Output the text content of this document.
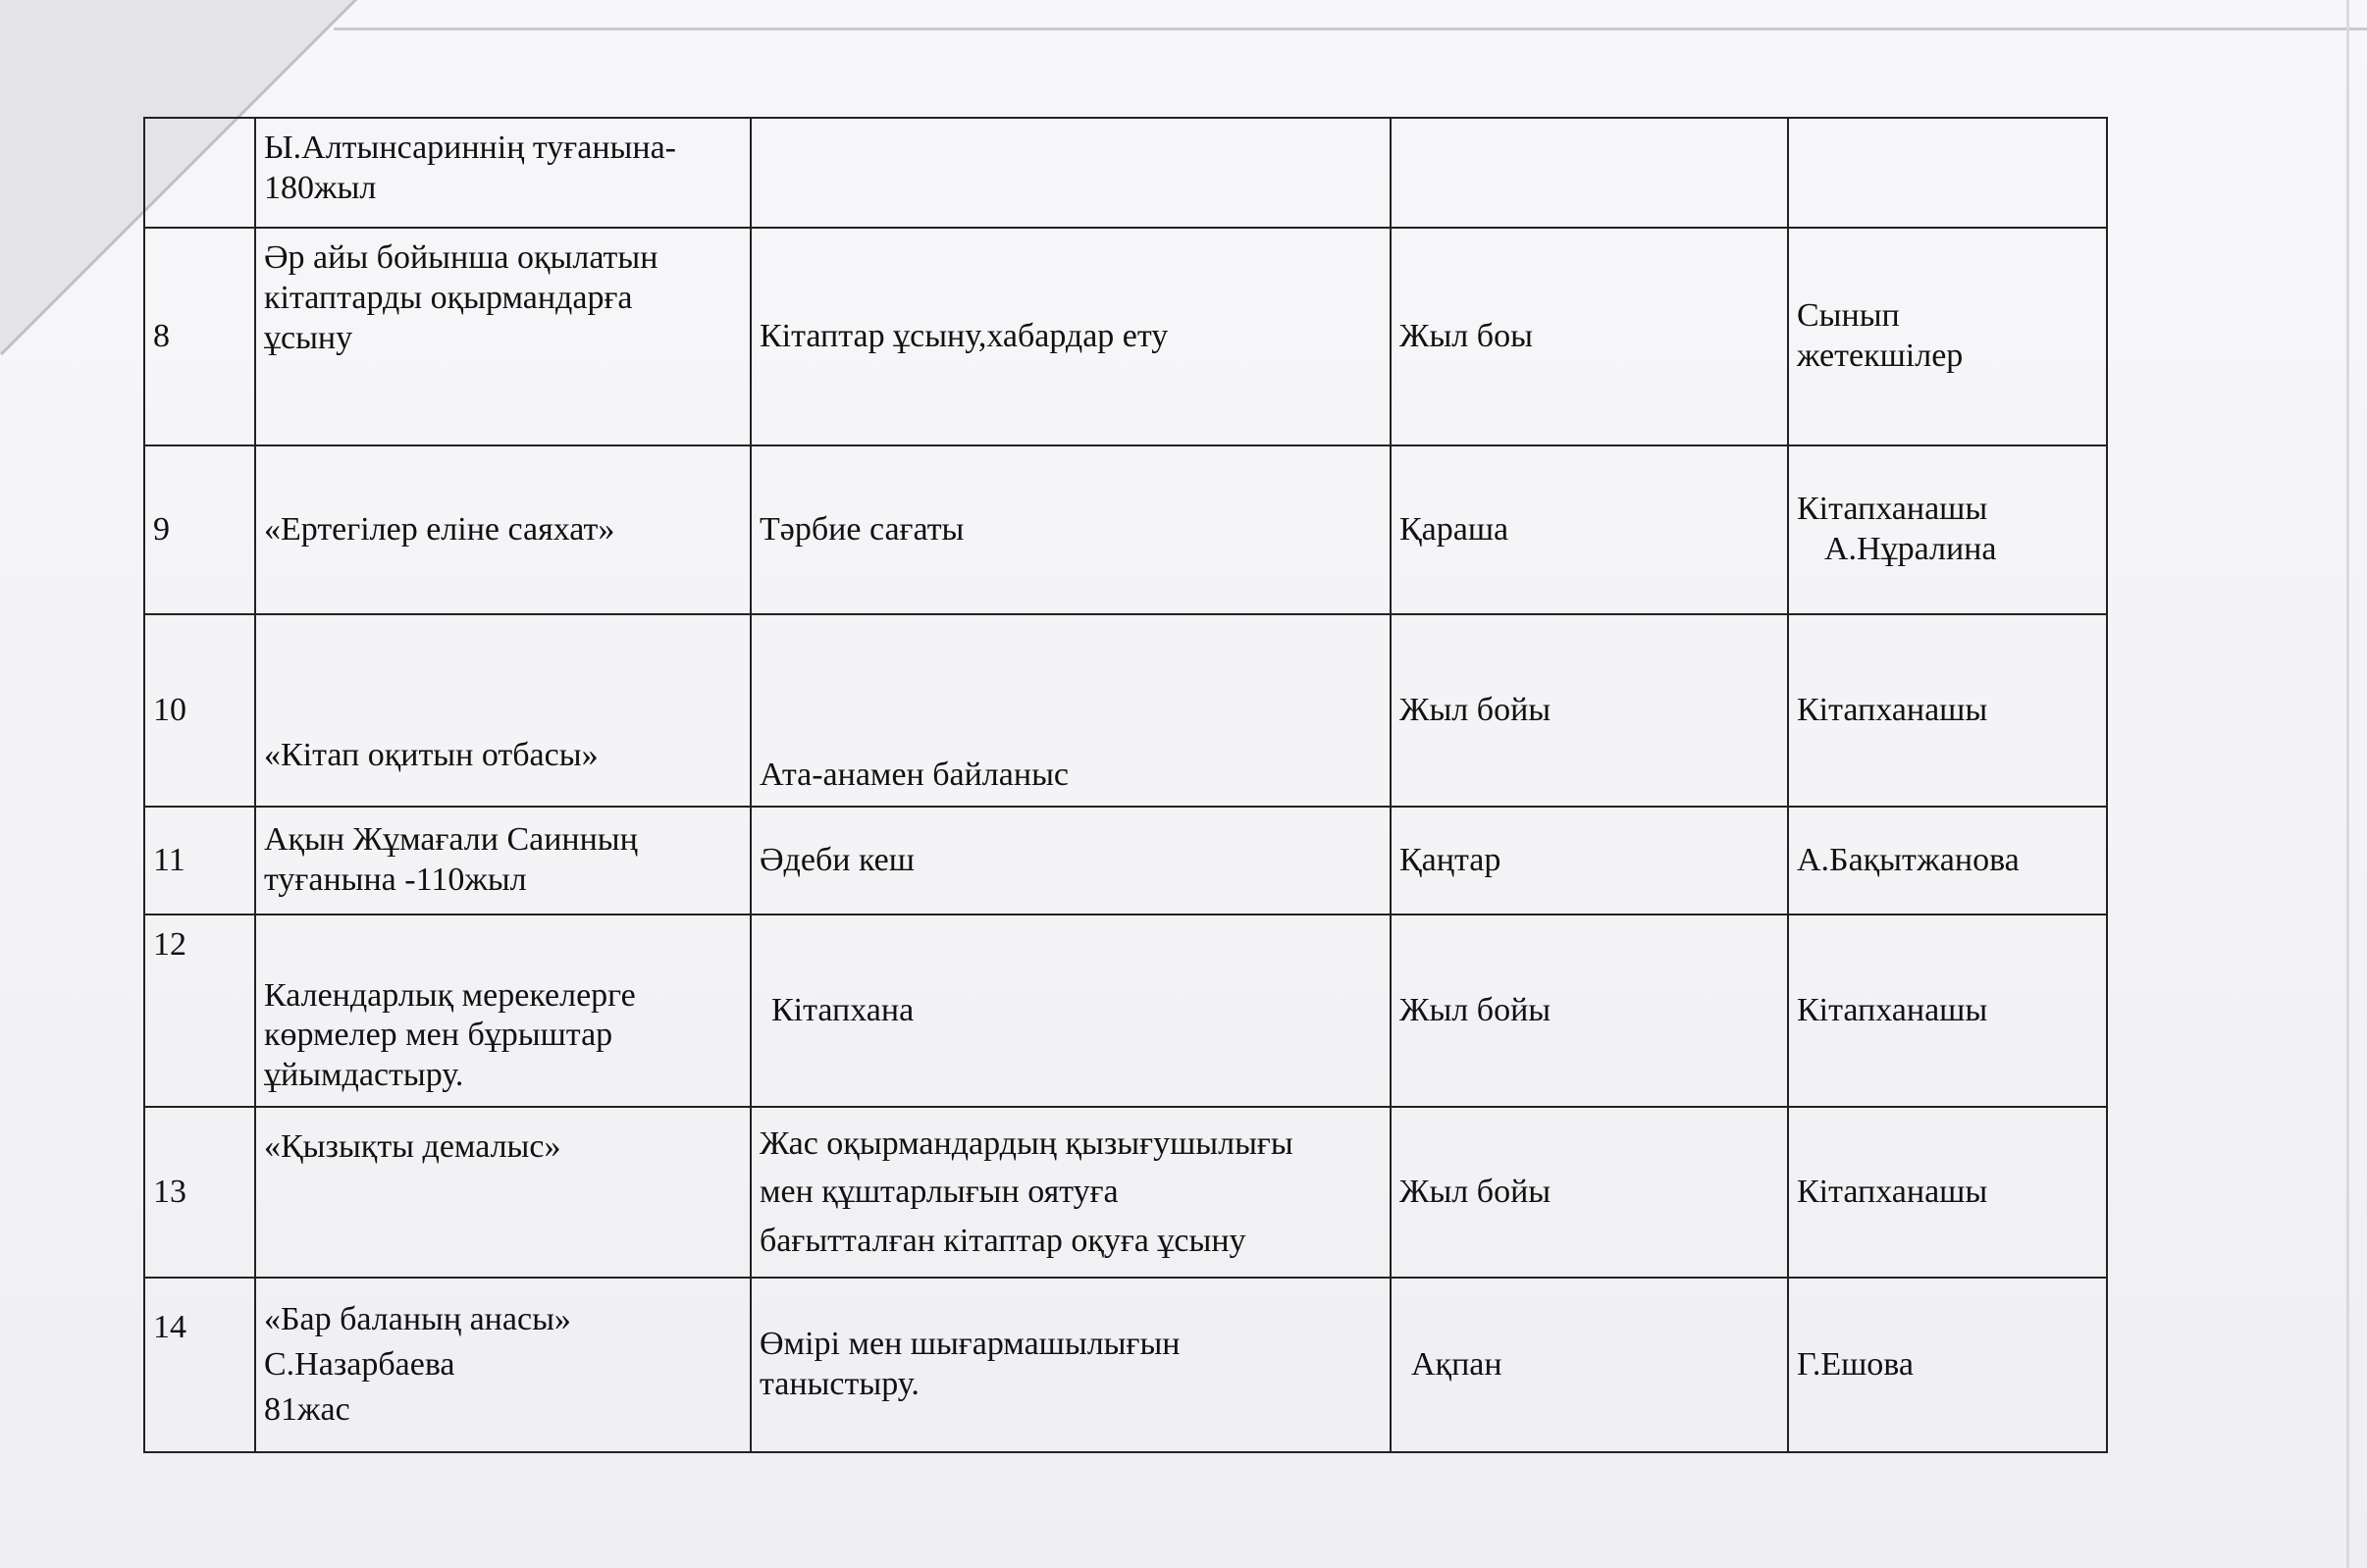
	Ы.Алтынсариннің туғанына-
180жыл			

8	Әр айы бойынша оқылатын
кітаптарды оқырмандарға
ұсыну	Кітаптар ұсыну,хабардар ету	Жыл боы	Сынып
жетекшілер

9	«Ертегілер еліне саяхат»	Тәрбие сағаты	Қараша	Кітапханашы
А.Нұралина

10	«Кітап оқитын отбасы»	Ата-анамен байланыс	Жыл бойы	Кітапханашы

11	Ақын Жұмағали Саинның
туғанына -110жыл	Әдеби кеш	Қаңтар	А.Бақытжанова

12	Календарлық мерекелерге
көрмелер мен бұрыштар
ұйымдастыру.	Кітапхана	Жыл бойы	Кітапханашы

13	«Қызықты демалыс»	Жас оқырмандардың қызығушылығы
мен құштарлығын оятуға
бағытталған кітаптар оқуға ұсыну	Жыл бойы	Кітапханашы

14	«Бар баланың анасы»
С.Назарбаева
81жас	Өмірі мен шығармашылығын
таныстыру.	Ақпан	Г.Ешова
